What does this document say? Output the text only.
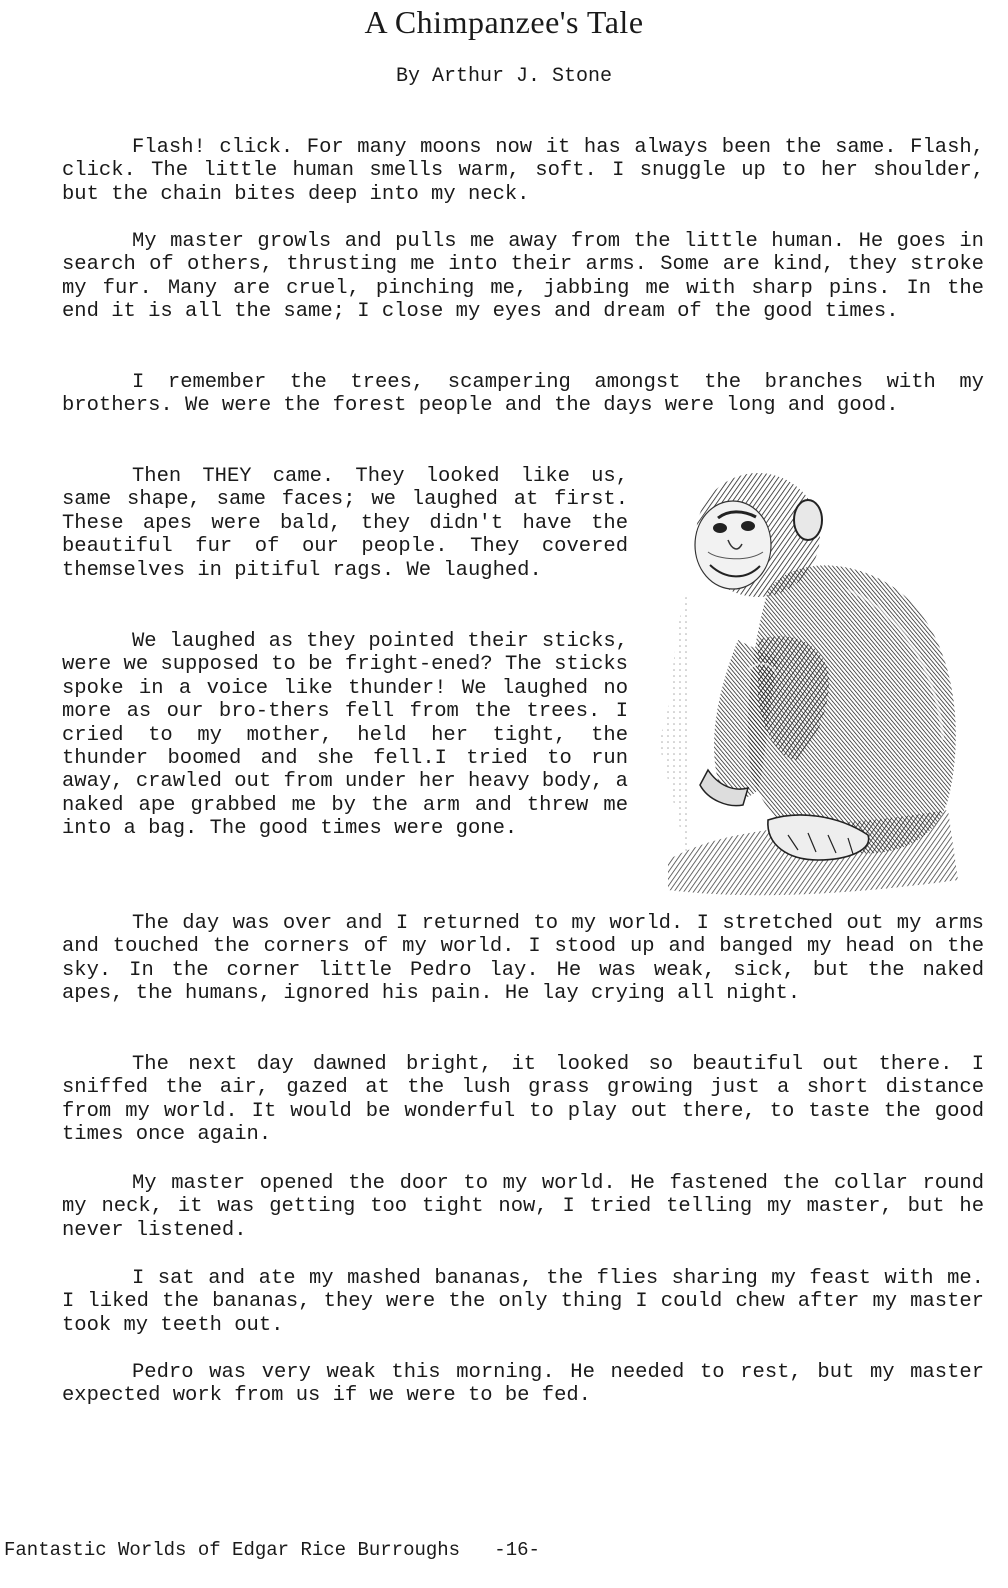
A Chimpanzee's Tale
By Arthur J. Stone

Flash! click. For many moons now it has always been the same. Flash, click. The little human smells warm, soft. I snuggle up to her shoulder, but the chain bites deep into my neck.

My master growls and pulls me away from the little human. He goes in search of others, thrusting me into their arms. Some are kind, they stroke my fur. Many are cruel, pinching me, jabbing me with sharp pins. In the end it is all the same; I close my eyes and dream of the good times.

I remember the trees, scampering amongst the branches with my brothers. We were the forest people and the days were long and good.

Then THEY came. They looked like us, same shape, same faces; we laughed at first. These apes were bald, they didn't have the beautiful fur of our people. They covered themselves in pitiful rags. We laughed.

We laughed as they pointed their sticks, were we supposed to be fright-ened? The sticks spoke in a voice like thunder! We laughed no more as our bro-thers fell from the trees. I cried to my mother, held her tight, the thunder boomed and she fell.I tried to run away, crawled out from under her heavy body, a naked ape grabbed me by the arm and threw me into a bag. The good times were gone.

The day was over and I returned to my world. I stretched out my arms and touched the corners of my world. I stood up and banged my head on the sky. In the corner little Pedro lay. He was weak, sick, but the naked apes, the humans, ignored his pain. He lay crying all night.

The next day dawned bright, it looked so beautiful out there. I sniffed the air, gazed at the lush grass growing just a short distance from my world. It would be wonderful to play out there, to taste the good times once again.

My master opened the door to my world. He fastened the collar round my neck, it was getting too tight now, I tried telling my master, but he never listened.

I sat and ate my mashed bananas, the flies sharing my feast with me. I liked the bananas, they were the only thing I could chew after my master took my teeth out.

Pedro was very weak this morning. He needed to rest, but my master expected work from us if we were to be fed.

Fantastic Worlds of Edgar Rice Burroughs -16-
